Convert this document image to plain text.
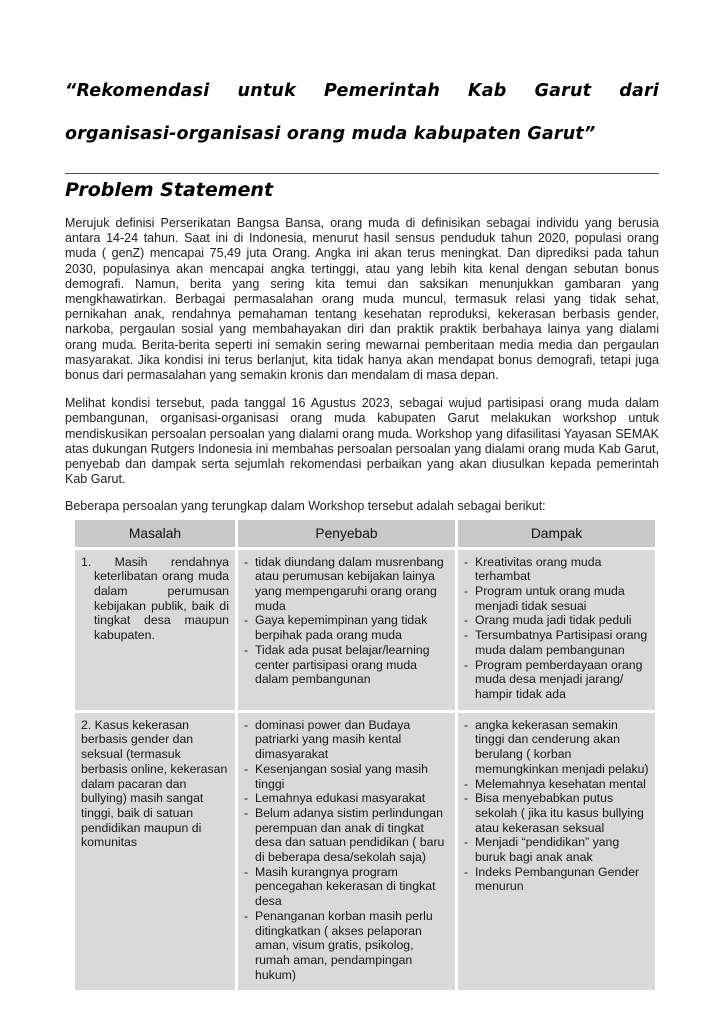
“Rekomendasi untuk Pemerintah Kab Garut dari organisasi-organisasi orang muda kabupaten Garut”
Problem Statement

Merujuk definisi Perserikatan Bangsa Bansa, orang muda di definisikan sebagai individu yang berusia antara 14-24 tahun. Saat ini di Indonesia, menurut hasil sensus penduduk tahun 2020, populasi orang muda ( genZ) mencapai 75,49 juta Orang. Angka ini akan terus meningkat. Dan diprediksi pada tahun 2030, populasinya akan mencapai angka tertinggi, atau yang lebih kita kenal dengan sebutan bonus demografi. Namun, berita yang sering kita temui dan saksikan menunjukkan gambaran yang mengkhawatirkan. Berbagai permasalahan orang muda muncul, termasuk relasi yang tidak sehat, pernikahan anak, rendahnya pemahaman tentang kesehatan reproduksi, kekerasan berbasis gender, narkoba, pergaulan sosial yang membahayakan diri dan praktik praktik berbahaya lainya yang dialami orang muda. Berita-berita seperti ini semakin sering mewarnai pemberitaan media media dan pergaulan masyarakat. Jika kondisi ini terus berlanjut, kita tidak hanya akan mendapat bonus demografi, tetapi juga bonus dari permasalahan yang semakin kronis dan mendalam di masa depan.

Melihat kondisi tersebut, pada tanggal 16 Agustus 2023, sebagai wujud partisipasi orang muda dalam pembangunan, organisasi-organisasi orang muda kabupaten Garut melakukan workshop untuk mendiskusikan persoalan persoalan yang dialami orang muda. Workshop yang difasilitasi Yayasan SEMAK atas dukungan Rutgers Indonesia ini membahas persoalan persoalan yang dialami orang muda Kab Garut, penyebab dan dampak serta sejumlah rekomendasi perbaikan yang akan diusulkan kepada pemerintah Kab Garut.

Beberapa persoalan yang terungkap dalam Workshop tersebut adalah sebagai berikut:

Masalah	Penyebab	Dampak
1. Masih rendahnya keterlibatan orang muda dalam perumusan kebijakan publik, baik di tingkat desa maupun kabupaten.
- tidak diundang dalam musrenbang atau perumusan kebijakan lainya yang mempengaruhi orang orang muda
- Gaya kepemimpinan yang tidak berpihak pada orang muda
- Tidak ada pusat belajar/learning center partisipasi orang muda dalam pembangunan
- Kreativitas orang muda terhambat
- Program untuk orang muda menjadi tidak sesuai
- Orang muda jadi tidak peduli
- Tersumbatnya Partisipasi orang muda dalam pembangunan
- Program pemberdayaan orang muda desa menjadi jarang/ hampir tidak ada
2. Kasus kekerasan berbasis gender dan seksual (termasuk berbasis online, kekerasan dalam pacaran dan bullying) masih sangat tinggi, baik di satuan pendidikan maupun di komunitas
- dominasi power dan Budaya patriarki yang masih kental dimasyarakat
- Kesenjangan sosial yang masih tinggi
- Lemahnya edukasi masyarakat
- Belum adanya sistim perlindungan perempuan dan anak di tingkat desa dan satuan pendidikan ( baru di beberapa desa/sekolah saja)
- Masih kurangnya program pencegahan kekerasan di tingkat desa
- Penanganan korban masih perlu ditingkatkan ( akses pelaporan aman, visum gratis, psikolog, rumah aman, pendampingan hukum)
- angka kekerasan semakin tinggi dan cenderung akan berulang ( korban memungkinkan menjadi pelaku)
- Melemahnya kesehatan mental
- Bisa menyebabkan putus sekolah ( jika itu kasus bullying atau kekerasan seksual
- Menjadi “pendidikan” yang buruk bagi anak anak
- Indeks Pembangunan Gender menurun
